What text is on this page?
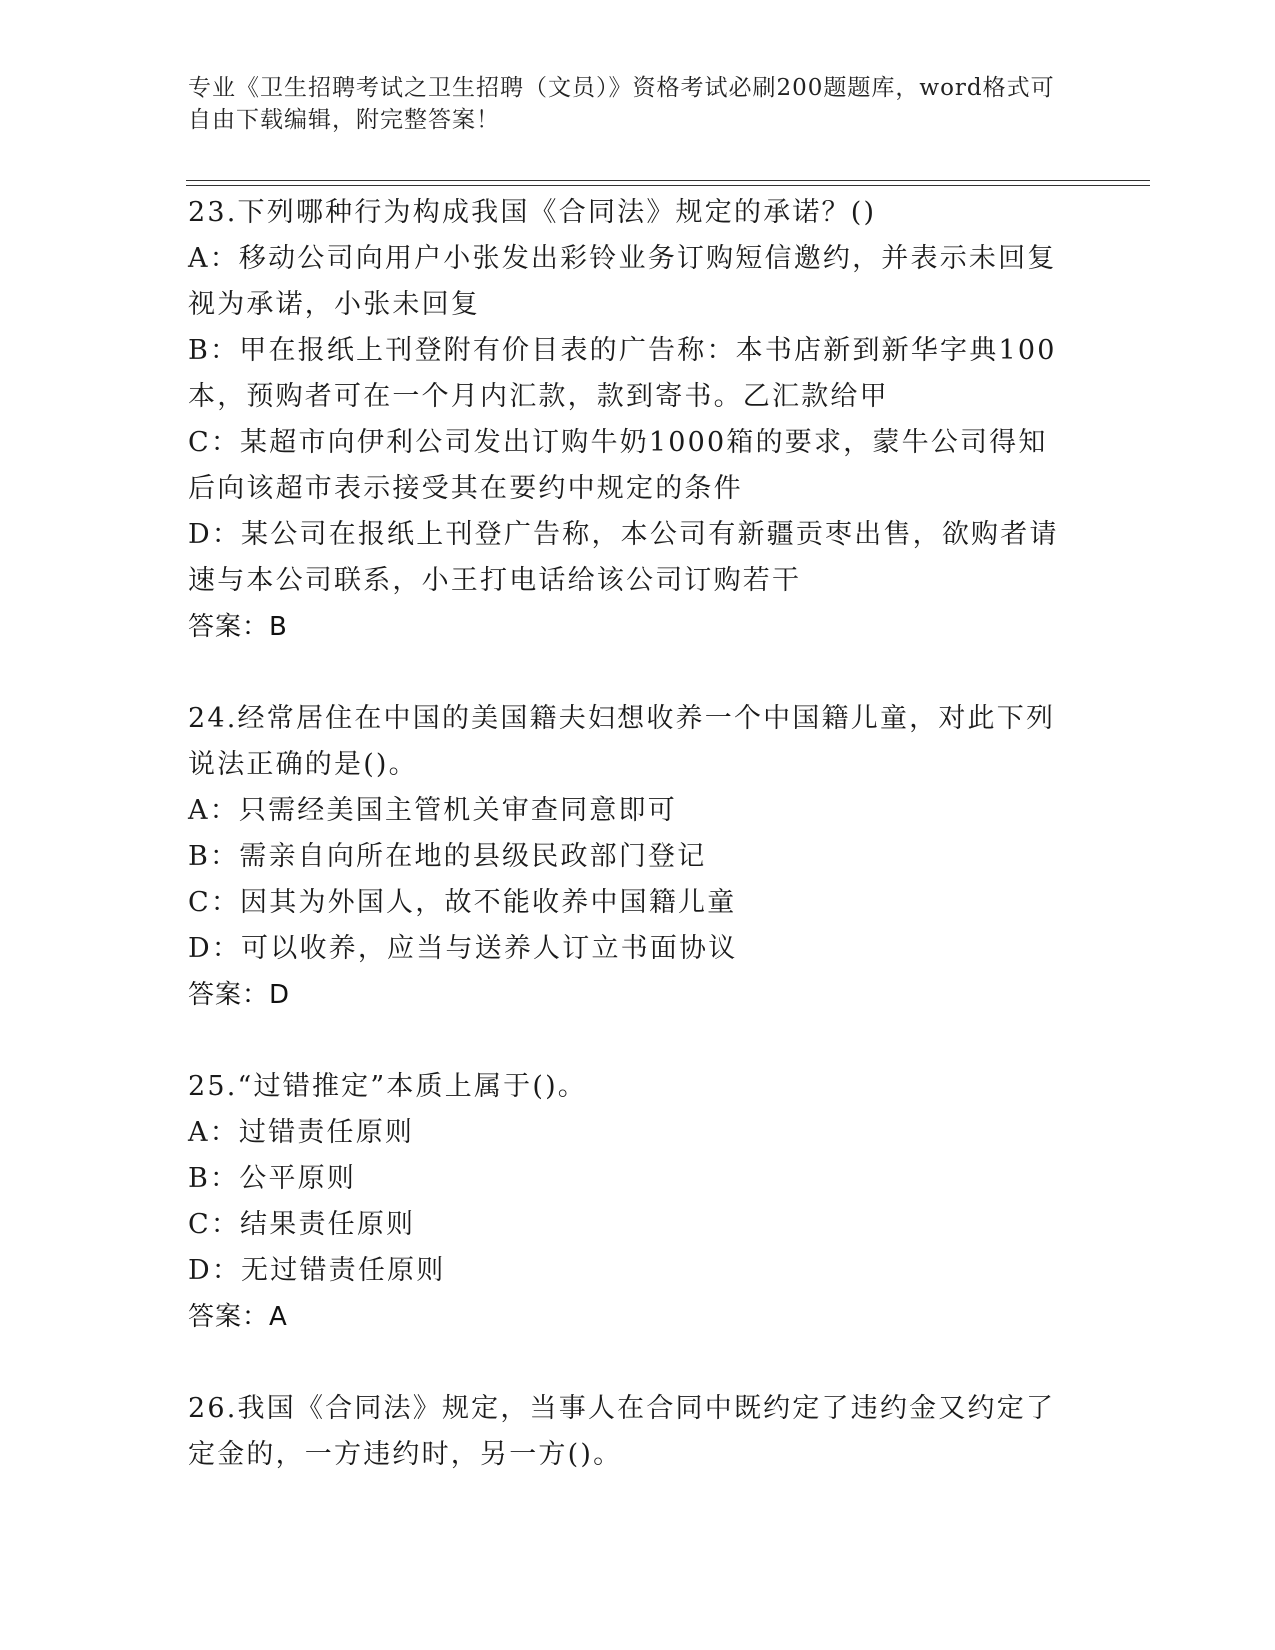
专业《卫生招聘考试之卫生招聘（文员）》资格考试必刷200题题库，word格式可自由下载编辑，附完整答案！
23.下列哪种行为构成我国《合同法》规定的承诺？()
A：移动公司向用户小张发出彩铃业务订购短信邀约，并表示未回复视为承诺，小张未回复
B：甲在报纸上刊登附有价目表的广告称：本书店新到新华字典100本，预购者可在一个月内汇款，款到寄书。乙汇款给甲
C：某超市向伊利公司发出订购牛奶1000箱的要求，蒙牛公司得知后向该超市表示接受其在要约中规定的条件
D：某公司在报纸上刊登广告称，本公司有新疆贡枣出售，欲购者请速与本公司联系，小王打电话给该公司订购若干
答案：B
24.经常居住在中国的美国籍夫妇想收养一个中国籍儿童，对此下列说法正确的是()。
A：只需经美国主管机关审查同意即可
B：需亲自向所在地的县级民政部门登记
C：因其为外国人，故不能收养中国籍儿童
D：可以收养，应当与送养人订立书面协议
答案：D
25.“过错推定”本质上属于()。
A：过错责任原则
B：公平原则
C：结果责任原则
D：无过错责任原则
答案：A
26.我国《合同法》规定，当事人在合同中既约定了违约金又约定了定金的，一方违约时，另一方()。
